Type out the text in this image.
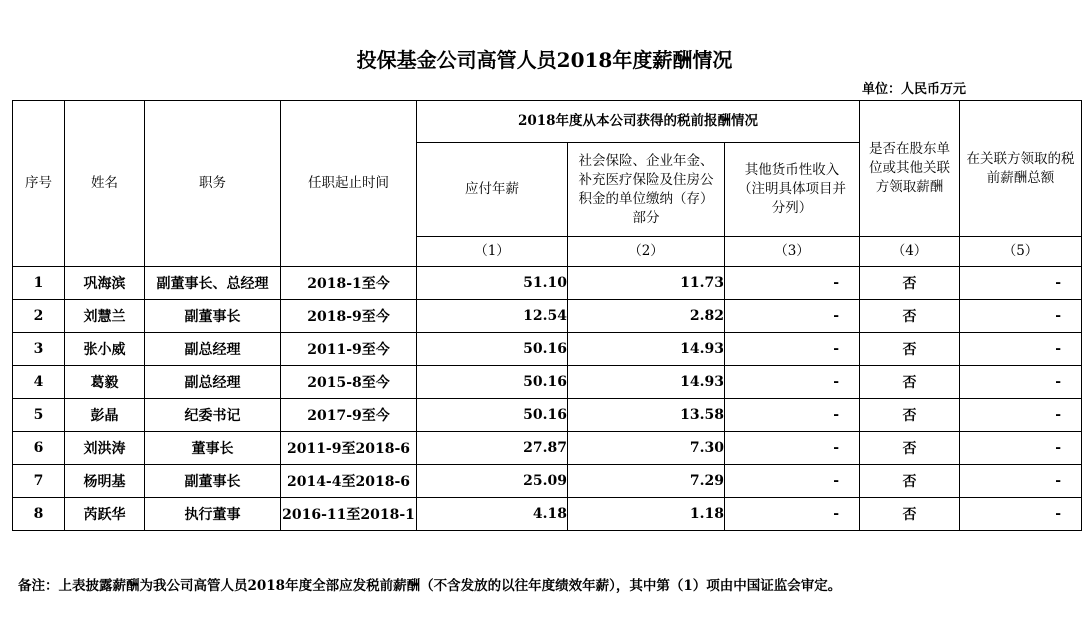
投保基金公司高管人员2018年度薪酬情况
单位：人民币万元
序号	姓名	职务	任职起止时间	2018年度从本公司获得的税前报酬情况			是否在股东单位或其他关联方领取薪酬	在关联方领取的税前薪酬总额
				应付年薪	社会保险、企业年金、补充医疗保险及住房公积金的单位缴纳（存）部分	其他货币性收入（注明具体项目并分列）		
				（1）	（2）	（3）	（4）	（5）
1	巩海滨	副董事长、总经理	2018-1至今	51.10	11.73	-	否	-
2	刘慧兰	副董事长	2018-9至今	12.54	2.82	-	否	-
3	张小威	副总经理	2011-9至今	50.16	14.93	-	否	-
4	葛毅	副总经理	2015-8至今	50.16	14.93	-	否	-
5	彭晶	纪委书记	2017-9至今	50.16	13.58	-	否	-
6	刘洪涛	董事长	2011-9至2018-6	27.87	7.30	-	否	-
7	杨明基	副董事长	2014-4至2018-6	25.09	7.29	-	否	-
8	芮跃华	执行董事	2016-11至2018-1	4.18	1.18	-	否	-
备注：上表披露薪酬为我公司高管人员2018年度全部应发税前薪酬（不含发放的以往年度绩效年薪），其中第（1）项由中国证监会审定。
